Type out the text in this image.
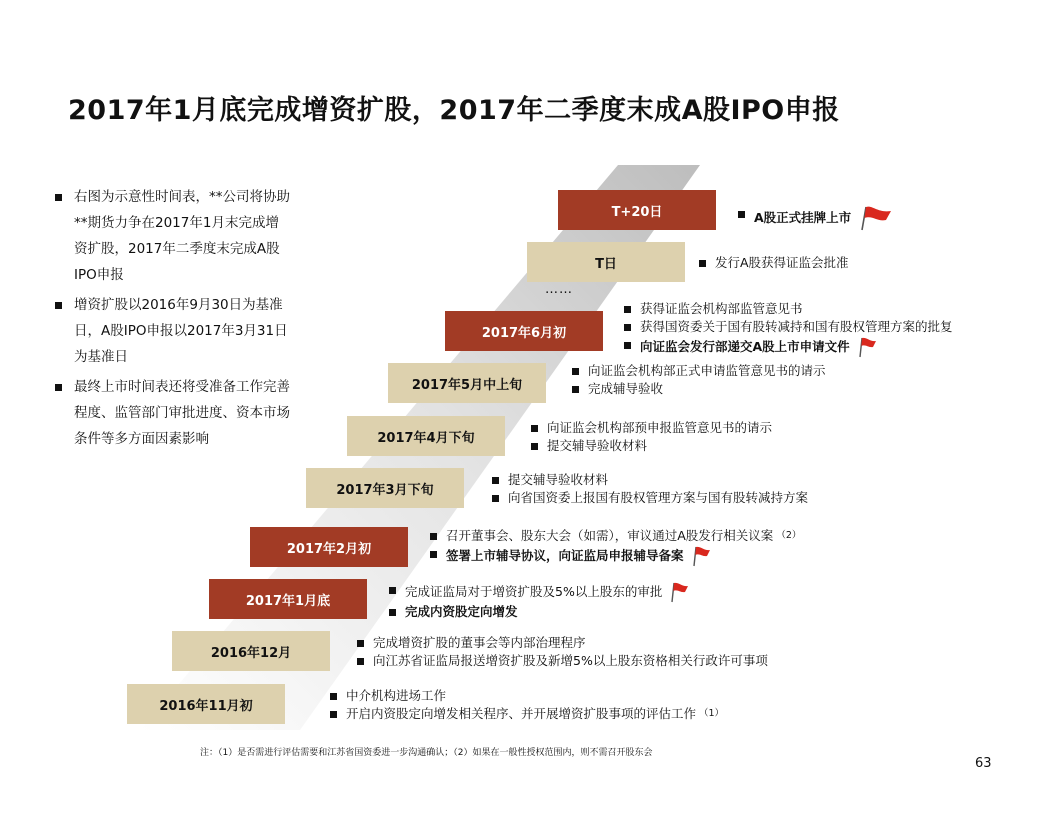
2017年1月底完成增资扩股，2017年二季度末成A股IPO申报
右图为示意性时间表，**公司将协助**期货力争在2017年1月末完成增资扩股，2017年二季度末完成A股IPO申报
增资扩股以2016年9月30日为基准日，A股IPO申报以2017年3月31日为基准日
最终上市时间表还将受准备工作完善程度、监管部门审批进度、资本市场条件等多方面因素影响
……
T+20日	A股正式挂牌上市
T日	发行A股获得证监会批准
2017年6月初
获得证监会机构部监管意见书
获得国资委关于国有股转减持和国有股权管理方案的批复
向证监会发行部递交A股上市申请文件
2017年5月中上旬
向证监会机构部正式申请监管意见书的请示
完成辅导验收
2017年4月下旬
向证监会机构部预申报监管意见书的请示
提交辅导验收材料
2017年3月下旬
提交辅导验收材料
向省国资委上报国有股权管理方案与国有股转减持方案
2017年2月初
召开董事会、股东大会（如需），审议通过A股发行相关议案 （2）
签署上市辅导协议，向证监局申报辅导备案
2017年1月底
完成证监局对于增资扩股及5%以上股东的审批
完成内资股定向增发
2016年12月
完成增资扩股的董事会等内部治理程序
向江苏省证监局报送增资扩股及新增5%以上股东资格相关行政许可事项
2016年11月初
中介机构进场工作
开启内资股定向增发相关程序、并开展增资扩股事项的评估工作 （1）
注：（1）是否需进行评估需要和江苏省国资委进一步沟通确认；（2）如果在一般性授权范围内，则不需召开股东会
63
